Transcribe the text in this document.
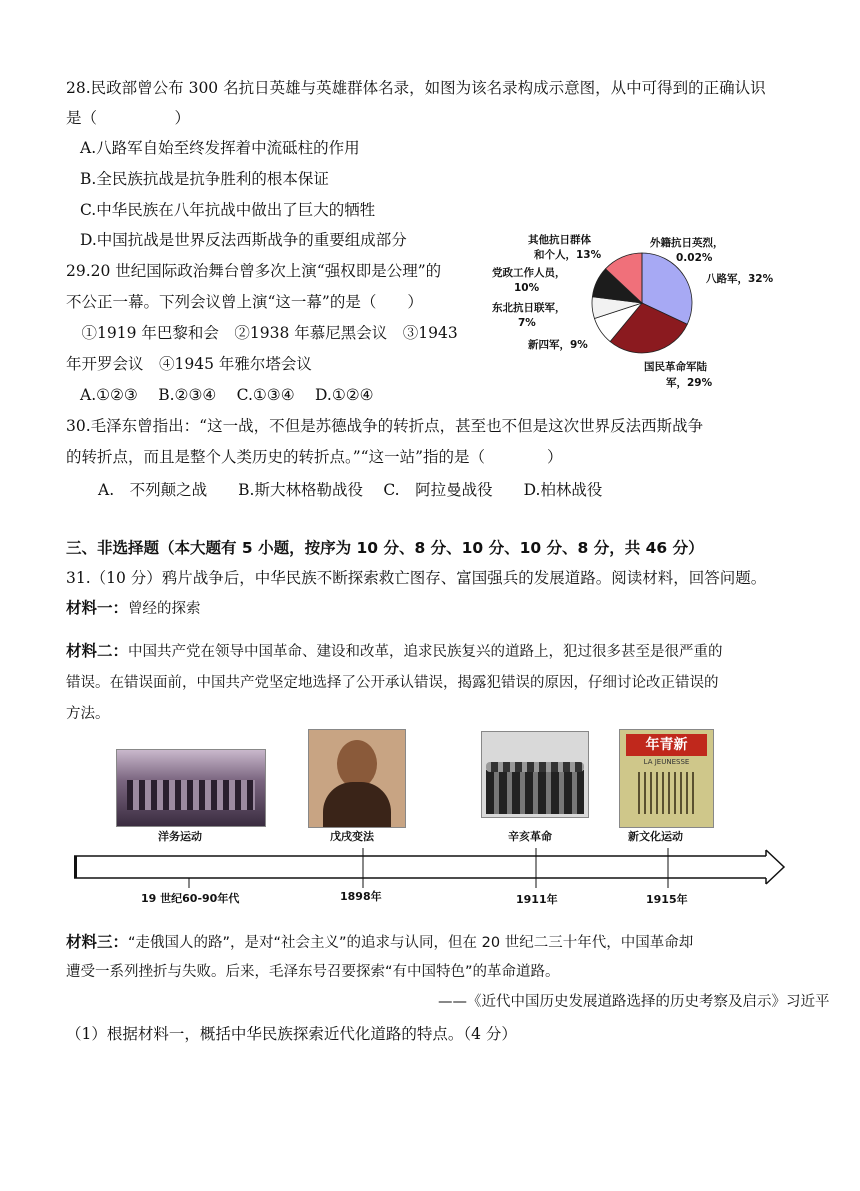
28.民政部曾公布 300 名抗日英雄与英雄群体名录，如图为该名录构成示意图，从中可得到的正确认识
是（　　　　　）
A.八路军自始至终发挥着中流砥柱的作用
B.全民族抗战是抗争胜利的根本保证
C.中华民族在八年抗战中做出了巨大的牺牲
D.中国抗战是世界反法西斯战争的重要组成部分	其他抗日群体
和个人，13%
外籍抗日英烈，
0.02%
八路军，32%
党政工作人员，
10%
东北抗日联军，
7%
新四军，9%
国民革命军陆
军，29%
29.20 世纪国际政治舞台曾多次上演“强权即是公理”的
不公正一幕。下列会议曾上演“这一幕”的是（　　）
　①1919 年巴黎和会　②1938 年慕尼黑会议　③1943
年开罗会议　④1945 年雅尔塔会议
A.①②③　 B.②③④　 C.①③④　 D.①②④
30.毛泽东曾指出：“这一战，不但是苏德战争的转折点，甚至也不但是这次世界反法西斯战争
的转折点，而且是整个人类历史的转折点。”“这一站”指的是（　　　　）
A.　不列颠之战　　B.斯大林格勒战役　 C.　阿拉曼战役　　D.柏林战役
三、非选择题（本大题有 5 小题，按序为 10 分、8 分、10 分、10 分、8 分，共 46 分）
31.（10 分）鸦片战争后，中华民族不断探索救亡图存、富国强兵的发展道路。阅读材料，回答问题。
材料一：曾经的探索
材料二：中国共产党在领导中国革命、建设和改革，追求民族复兴的道路上，犯过很多甚至是很严重的
错误。在错误面前，中国共产党坚定地选择了公开承认错误，揭露犯错误的原因，仔细讨论改正错误的
方法。
年青新
LA JEUNESSE
洋务运动	戊戌变法	辛亥革命	新文化运动
19 世纪60-90年代	1898年	1911年	1915年
材料三：“走俄国人的路”，是对“社会主义”的追求与认同，但在 20 世纪二三十年代，中国革命却
遭受一系列挫折与失败。后来，毛泽东号召要探索“有中国特色”的革命道路。
——《近代中国历史发展道路选择的历史考察及启示》习近平
（1）根据材料一，概括中华民族探索近代化道路的特点。（4 分）
